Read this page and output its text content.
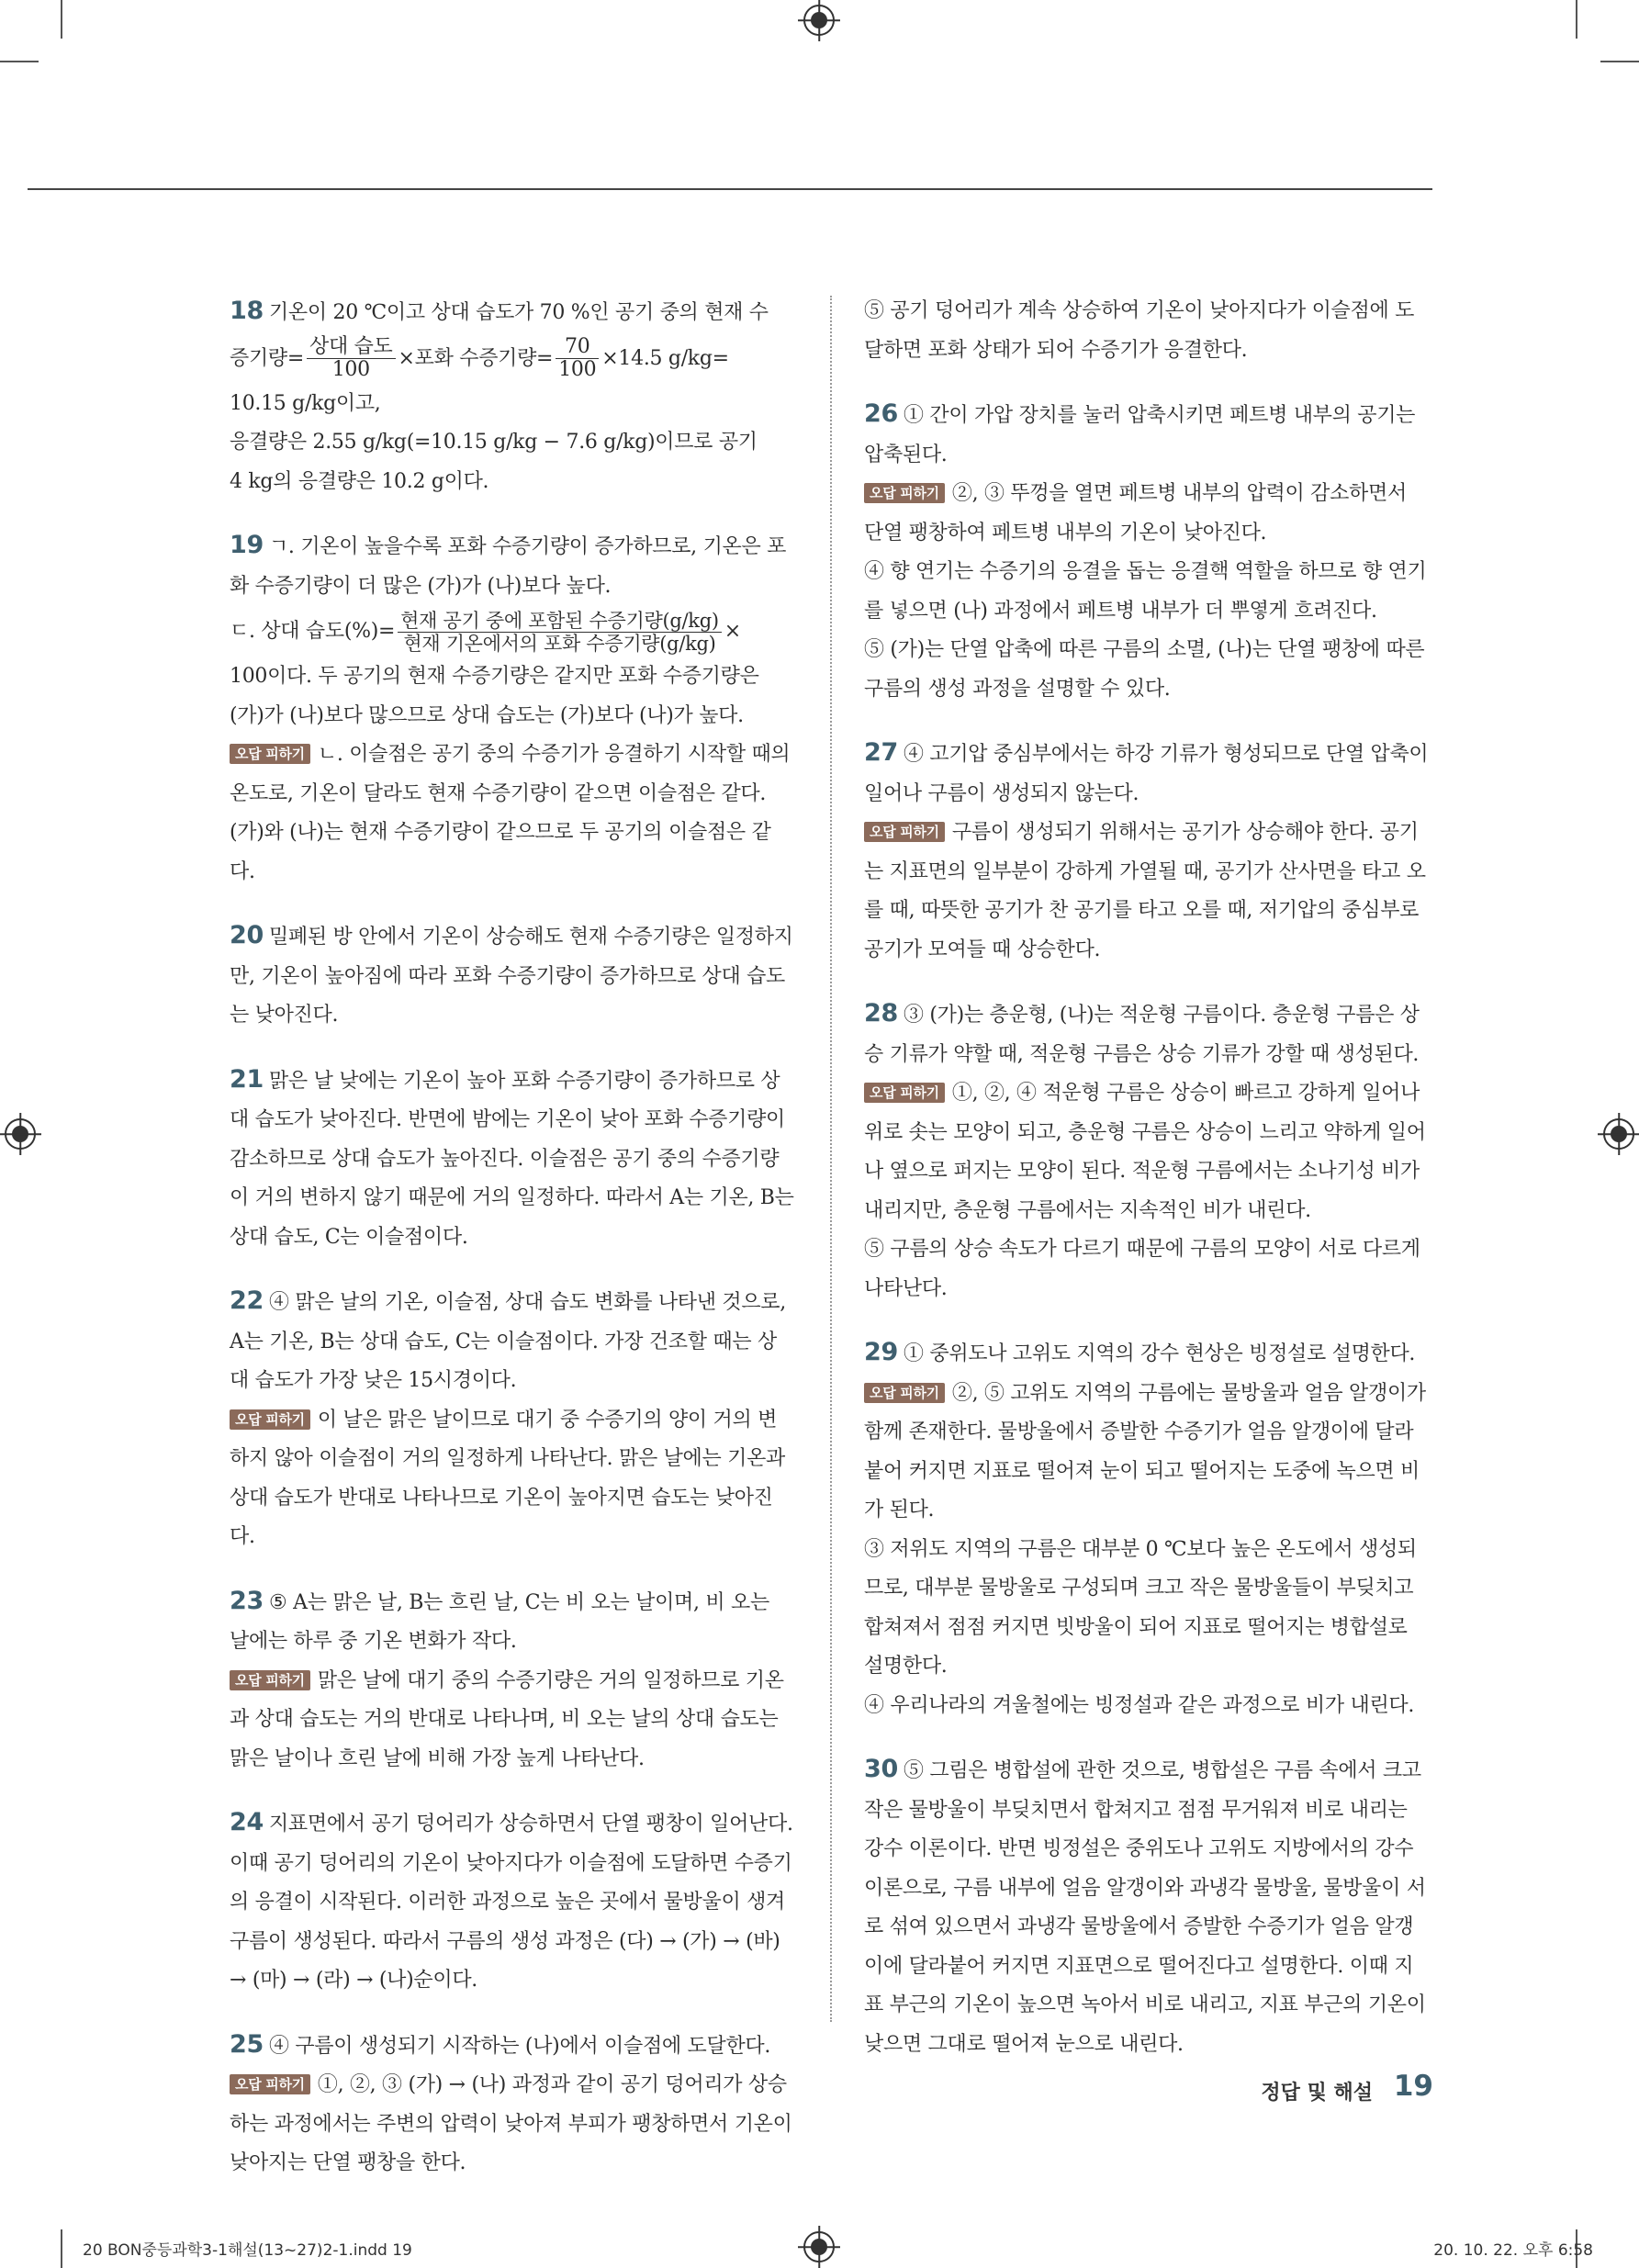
18 기온이 20 ℃이고 상대 습도가 70 %인 공기 중의 현재 수

증기량= $\frac{\text{상대 습도}}{100}$ ×포화 수증기량= $\frac{70}{100} \times 14.5$ g/kg=

10.15 g/kg이고,

응결량은 2.55 g/kg(=10.15 g/kg − 7.6 g/kg)이므로 공기

4 kg의 응결량은 10.2 g이다.

19 ㄱ. 기온이 높을수록 포화 수증기량이 증가하므로, 기온은 포화 수증기량이 더 많은 (가)가 (나)보다 높다.

ㄷ. 상대 습도(%)= $\frac{\text{현재 공기 중에 포함된 수증기량(g/kg)}}{\text{현재 기온에서의 포화 수증기량(g/kg)}}$ ×

100이다. 두 공기의 현재 수증기량은 같지만 포화 수증기량은 (가)가 (나)보다 많으므로 상대 습도는 (가)보다 (나)가 높다.

오답 피하기 ㄴ. 이슬점은 공기 중의 수증기가 응결하기 시작할 때의 온도로, 기온이 달라도 현재 수증기량이 같으면 이슬점은 같다. (가)와 (나)는 현재 수증기량이 같으므로 두 공기의 이슬점은 같다.

20 밀폐된 방 안에서 기온이 상승해도 현재 수증기량은 일정하지만, 기온이 높아짐에 따라 포화 수증기량이 증가하므로 상대 습도는 낮아진다.

21 맑은 날 낮에는 기온이 높아 포화 수증기량이 증가하므로 상대 습도가 낮아진다. 반면에 밤에는 기온이 낮아 포화 수증기량이 감소하므로 상대 습도가 높아진다. 이슬점은 공기 중의 수증기량이 거의 변하지 않기 때문에 거의 일정하다. 따라서 A는 기온, B는 상대 습도, C는 이슬점이다.

22 ④ 맑은 날의 기온, 이슬점, 상대 습도 변화를 나타낸 것으로, A는 기온, B는 상대 습도, C는 이슬점이다. 가장 건조할 때는 상대 습도가 가장 낮은 15시경이다.

오답 피하기 이 날은 맑은 날이므로 대기 중 수증기의 양이 거의 변하지 않아 이슬점이 거의 일정하게 나타난다. 맑은 날에는 기온과 상대 습도가 반대로 나타나므로 기온이 높아지면 습도는 낮아진다.

23 ⑤ A는 맑은 날, B는 흐린 날, C는 비 오는 날이며, 비 오는 날에는 하루 중 기온 변화가 작다.

오답 피하기 맑은 날에 대기 중의 수증기량은 거의 일정하므로 기온과 상대 습도는 거의 반대로 나타나며, 비 오는 날의 상대 습도는 맑은 날이나 흐린 날에 비해 가장 높게 나타난다.

24 지표면에서 공기 덩어리가 상승하면서 단열 팽창이 일어난다. 이때 공기 덩어리의 기온이 낮아지다가 이슬점에 도달하면 수증기의 응결이 시작된다. 이러한 과정으로 높은 곳에서 물방울이 생겨 구름이 생성된다. 따라서 구름의 생성 과정은 (다) → (가) → (바) → (마) → (라) → (나)순이다.

25 ④ 구름이 생성되기 시작하는 (나)에서 이슬점에 도달한다.

오답 피하기 ①, ②, ③ (가) → (나) 과정과 같이 공기 덩어리가 상승하는 과정에서는 주변의 압력이 낮아져 부피가 팽창하면서 기온이 낮아지는 단열 팽창을 한다.

⑤ 공기 덩어리가 계속 상승하여 기온이 낮아지다가 이슬점에 도달하면 포화 상태가 되어 수증기가 응결한다.

26 ① 간이 가압 장치를 눌러 압축시키면 페트병 내부의 공기는 압축된다.

오답 피하기 ②, ③ 뚜껑을 열면 페트병 내부의 압력이 감소하면서 단열 팽창하여 페트병 내부의 기온이 낮아진다.

④ 향 연기는 수증기의 응결을 돕는 응결핵 역할을 하므로 향 연기를 넣으면 (나) 과정에서 페트병 내부가 더 뿌옇게 흐려진다.

⑤ (가)는 단열 압축에 따른 구름의 소멸, (나)는 단열 팽창에 따른 구름의 생성 과정을 설명할 수 있다.

27 ④ 고기압 중심부에서는 하강 기류가 형성되므로 단열 압축이 일어나 구름이 생성되지 않는다.

오답 피하기 구름이 생성되기 위해서는 공기가 상승해야 한다. 공기는 지표면의 일부분이 강하게 가열될 때, 공기가 산사면을 타고 오를 때, 따뜻한 공기가 찬 공기를 타고 오를 때, 저기압의 중심부로 공기가 모여들 때 상승한다.

28 ③ (가)는 층운형, (나)는 적운형 구름이다. 층운형 구름은 상승 기류가 약할 때, 적운형 구름은 상승 기류가 강할 때 생성된다.

오답 피하기 ①, ②, ④ 적운형 구름은 상승이 빠르고 강하게 일어나 위로 솟는 모양이 되고, 층운형 구름은 상승이 느리고 약하게 일어나 옆으로 퍼지는 모양이 된다. 적운형 구름에서는 소나기성 비가 내리지만, 층운형 구름에서는 지속적인 비가 내린다.

⑤ 구름의 상승 속도가 다르기 때문에 구름의 모양이 서로 다르게 나타난다.

29 ① 중위도나 고위도 지역의 강수 현상은 빙정설로 설명한다.

오답 피하기 ②, ⑤ 고위도 지역의 구름에는 물방울과 얼음 알갱이가 함께 존재한다. 물방울에서 증발한 수증기가 얼음 알갱이에 달라붙어 커지면 지표로 떨어져 눈이 되고 떨어지는 도중에 녹으면 비가 된다.

③ 저위도 지역의 구름은 대부분 0 ℃보다 높은 온도에서 생성되므로, 대부분 물방울로 구성되며 크고 작은 물방울들이 부딪치고 합쳐져서 점점 커지면 빗방울이 되어 지표로 떨어지는 병합설로 설명한다.

④ 우리나라의 겨울철에는 빙정설과 같은 과정으로 비가 내린다.

30 ⑤ 그림은 병합설에 관한 것으로, 병합설은 구름 속에서 크고 작은 물방울이 부딪치면서 합쳐지고 점점 무거워져 비로 내리는 강수 이론이다. 반면 빙정설은 중위도나 고위도 지방에서의 강수 이론으로, 구름 내부에 얼음 알갱이와 과냉각 물방울, 물방울이 서로 섞여 있으면서 과냉각 물방울에서 증발한 수증기가 얼음 알갱이에 달라붙어 커지면 지표면으로 떨어진다고 설명한다. 이때 지표 부근의 기온이 높으면 녹아서 비로 내리고, 지표 부근의 기온이 낮으면 그대로 떨어져 눈으로 내린다.

정답 및 해설 19
20 BON중등과학3-1해설(13~27)2-1.indd 19	20. 10. 22. 오후 6:58
